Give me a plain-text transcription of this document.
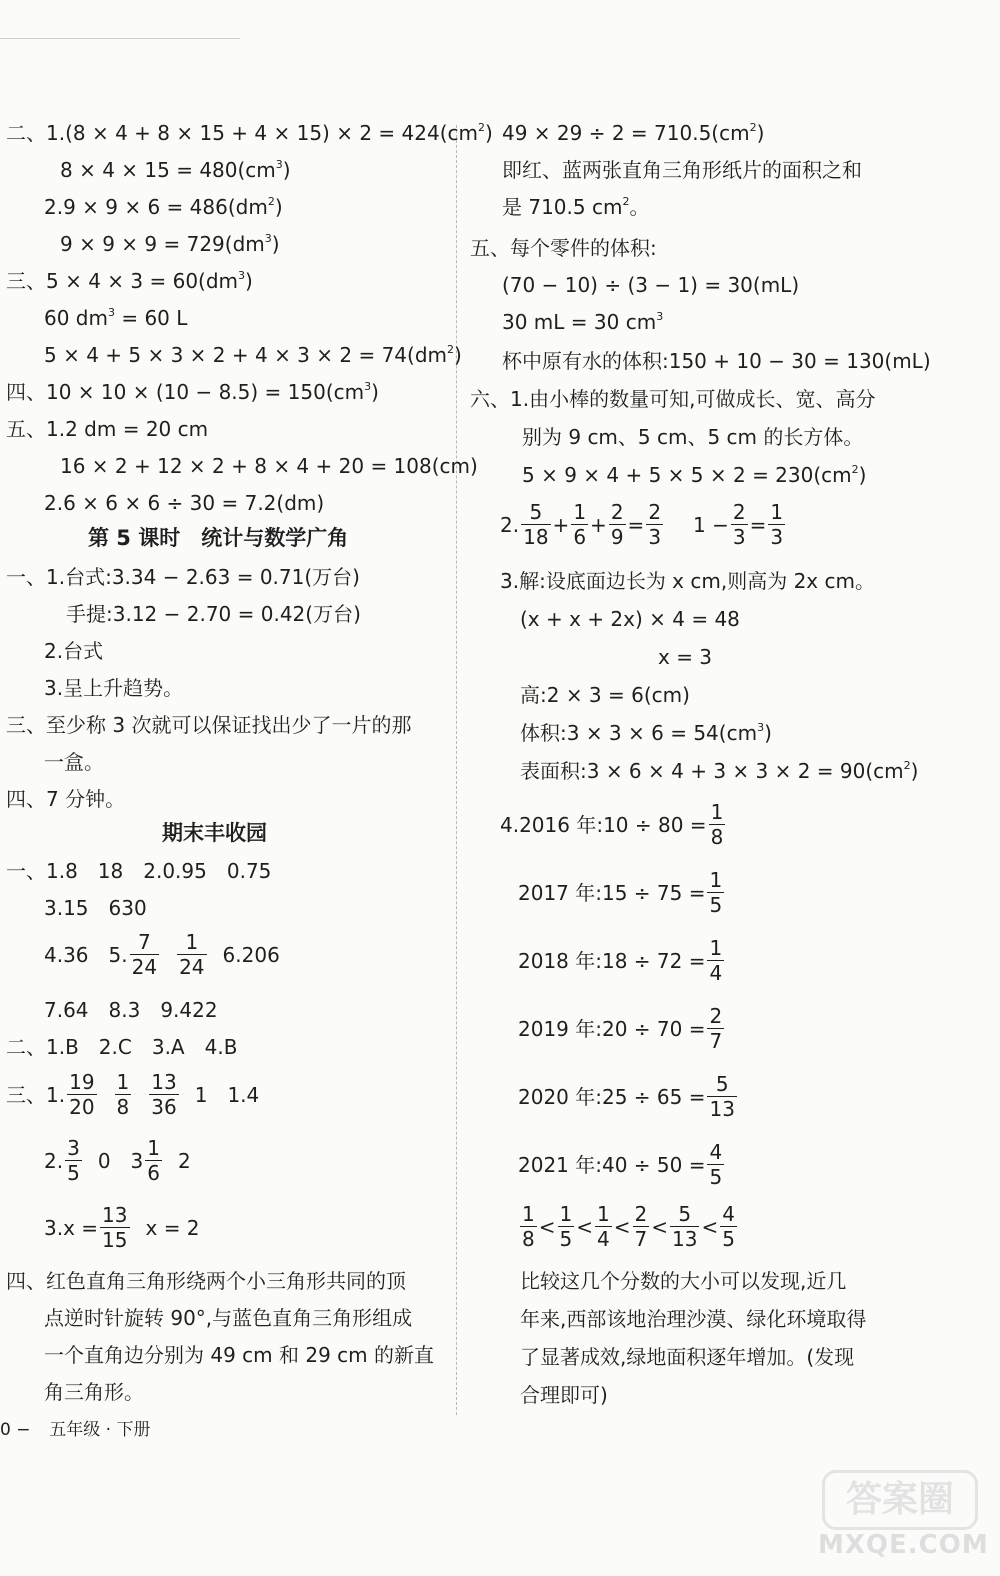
二、$1.(8 \times 4 + 8 \times 15 + 4 \times 15) \times 2 = 424(cm^2)$
$8 \times 4 \times 15 = 480(cm^3)$
$2.9 \times 9 \times 6 = 486(dm^2)$
$9 \times 9 \times 9 = 729(dm^3)$
三、$5 \times 4 \times 3 = 60(dm^3)$
60 $dm^3 = 60$ L
$5 \times 4 + 5 \times 3 \times 2 + 4 \times 3 \times 2 = 74(dm^2)$
四、$10 \times 10 \times (10 - 8.5) = 150(cm^3)$
五、1.2 dm = 20 cm
16 × 2 + 12 × 2 + 8 × 4 + 20 = 108(cm)
2.6 × 6 × 6 ÷ 30 = 7.2(dm)
第 5 课时　统计与数学广角
一、1.台式:3.34 − 2.63 = 0.71(万台)
手提:3.12 − 2.70 = 0.42(万台)
2.台式
3.呈上升趋势。
三、至少称 3 次就可以保证找出少了一片的那
一盒。
四、7 分钟。
期末丰收园
一、1.8　18　2.0.95　0.75
3.15　630
4.36　5. $\frac{7}{24} \frac{1}{24} 6.206$
7.64　8.3　9.422
二、1.B　2.C　3.A　4.B
三、1. $\frac{19}{20} \frac{1}{8} \frac{13}{36} 1$　1.4
2. $\frac{3}{5} 0$　$3 \frac{1}{6} 2$
$3.x = \frac{13}{15}$ x = 2
四、红色直角三角形绕两个小三角形共同的顶
点逆时针旋转 90°,与蓝色直角三角形组成
一个直角边分别为 49 cm 和 29 cm 的新直
角三角形。
$49 \times 29 \div 2 = 710.5(cm^2)$
即红、蓝两张直角三角形纸片的面积之和
是 710.5 $cm^2$。
五、每个零件的体积:
(70 − 10) ÷ (3 − 1) = 30(mL)
30 mL = 30 $cm^3$
杯中原有水的体积:150 + 10 − 30 = 130(mL)
六、1.由小棒的数量可知,可做成长、宽、高分
别为 9 cm、5 cm、5 cm 的长方体。
$5 \times 9 \times 4 + 5 \times 5 \times 2 = 230(cm^2)$
2. $\frac{5}{18} + \frac{1}{6} + \frac{2}{9} = \frac{2}{3} 1 - \frac{2}{3} = \frac{1}{3}$
3.解:设底面边长为 x cm,则高为 2x cm。
(x + x + 2x) × 4 = 48
x = 3
高:2 × 3 = 6(cm)
体积:3 × $3 \times 6 = 54(cm^3)$
表面积:3 × $6 \times 4 + 3 \times 3 \times 2 = 90(cm^2)$
4.2016 年:10 ÷ $80 = \frac{1}{8}$
2017 年:15 ÷ $75 = \frac{1}{5}$
2018 年:18 ÷ $72 = \frac{1}{4}$
2019 年:20 ÷ $70 = \frac{2}{7}$
2020 年:25 ÷ $65 = \frac{5}{13}$
2021 年:40 ÷ $50 = \frac{4}{5}$
$\frac{1}{8} < \frac{1}{5} < \frac{1}{4} < \frac{2}{7} < \frac{5}{13} < \frac{4}{5}$
比较这几个分数的大小可以发现,近几
年来,西部该地治理沙漠、绿化环境取得
了显著成效,绿地面积逐年增加。(发现
合理即可)
0 − 五年级 · 下册
答案圈
MXQE.COM
